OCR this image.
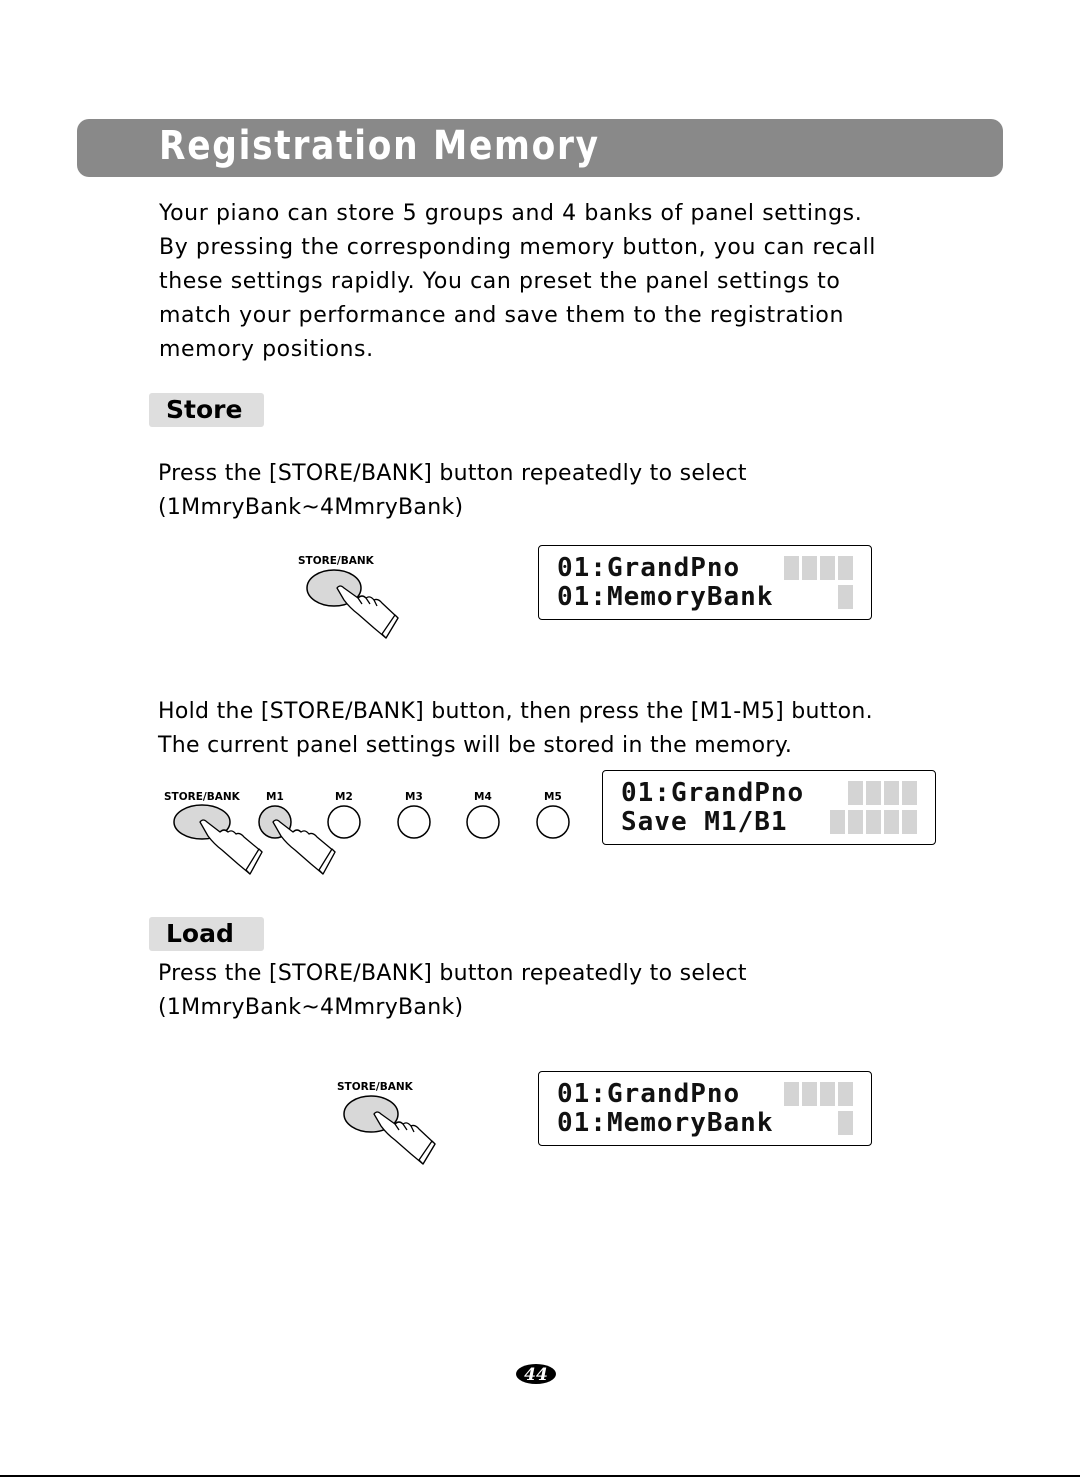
Registration Memory

Your piano can store 5 groups and 4 banks of panel settings.

By pressing the corresponding memory button, you can recall

these settings rapidly. You can preset the panel settings to

match your performance and save them to the registration

memory positions.

Store

Press the [STORE/BANK] button repeatedly to select

(1MmryBank~4MmryBank)

STORE/BANK	01:GrandPno
01:MemoryBank

Hold the [STORE/BANK] button, then press the [M1-M5] button.

The current panel settings will be stored in the memory.

STORE/BANK M1	M2	M3	M4	M5 01:GrandPno
Save M1/B1
Load

Press the [STORE/BANK] button repeatedly to select

(1MmryBank~4MmryBank)

STORE/BANK	01:GrandPno
01:MemoryBank
44
